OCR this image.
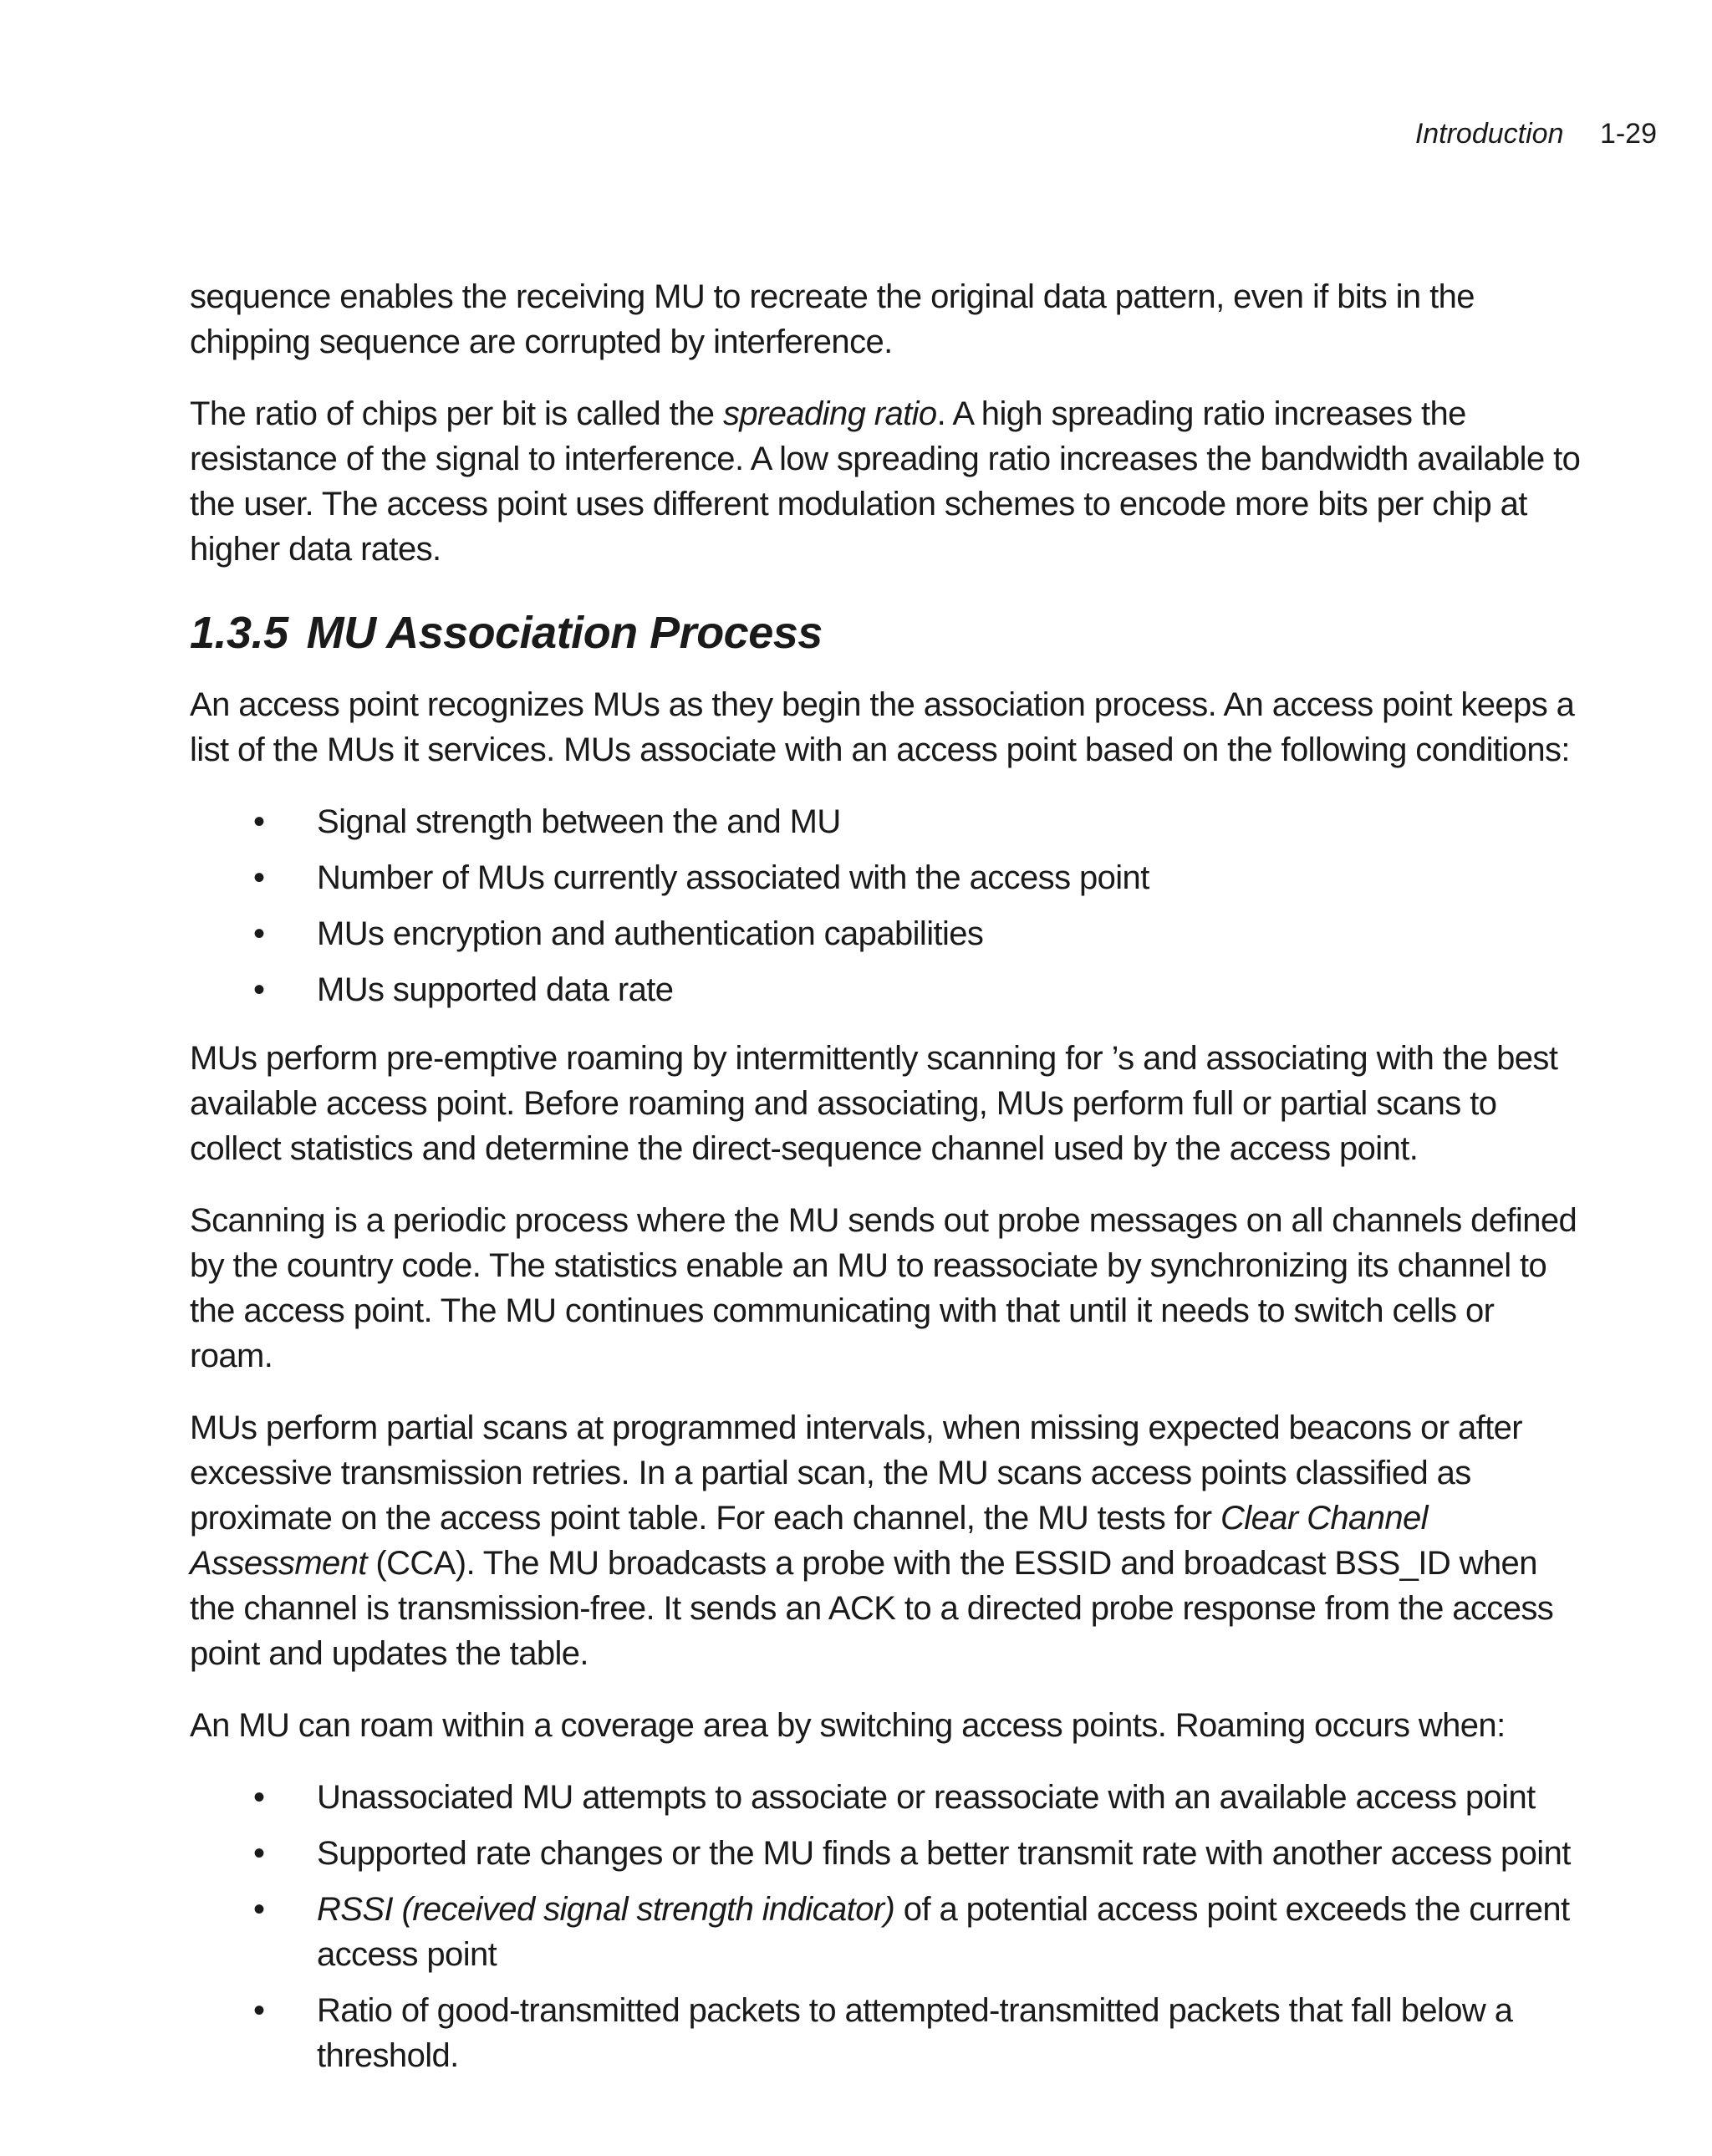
Introduction 1-29

sequence enables the receiving MU to recreate the original data pattern, even if bits in the chipping sequence are corrupted by interference.

The ratio of chips per bit is called the spreading ratio. A high spreading ratio increases the resistance of the signal to interference. A low spreading ratio increases the bandwidth available to the user. The access point uses different modulation schemes to encode more bits per chip at higher data rates.

1.3.5 MU Association Process

An access point recognizes MUs as they begin the association process. An access point keeps a list of the MUs it services. MUs associate with an access point based on the following conditions:

• Signal strength between the and MU
• Number of MUs currently associated with the access point
• MUs encryption and authentication capabilities
• MUs supported data rate

MUs perform pre-emptive roaming by intermittently scanning for ’s and associating with the best available access point. Before roaming and associating, MUs perform full or partial scans to collect statistics and determine the direct-sequence channel used by the access point.

Scanning is a periodic process where the MU sends out probe messages on all channels defined by the country code. The statistics enable an MU to reassociate by synchronizing its channel to the access point. The MU continues communicating with that until it needs to switch cells or roam.

MUs perform partial scans at programmed intervals, when missing expected beacons or after excessive transmission retries. In a partial scan, the MU scans access points classified as proximate on the access point table. For each channel, the MU tests for Clear Channel Assessment (CCA). The MU broadcasts a probe with the ESSID and broadcast BSS_ID when the channel is transmission-free. It sends an ACK to a directed probe response from the access point and updates the table.

An MU can roam within a coverage area by switching access points. Roaming occurs when:

• Unassociated MU attempts to associate or reassociate with an available access point
• Supported rate changes or the MU finds a better transmit rate with another access point
• RSSI (received signal strength indicator) of a potential access point exceeds the current access point
• Ratio of good-transmitted packets to attempted-transmitted packets that fall below a threshold.
